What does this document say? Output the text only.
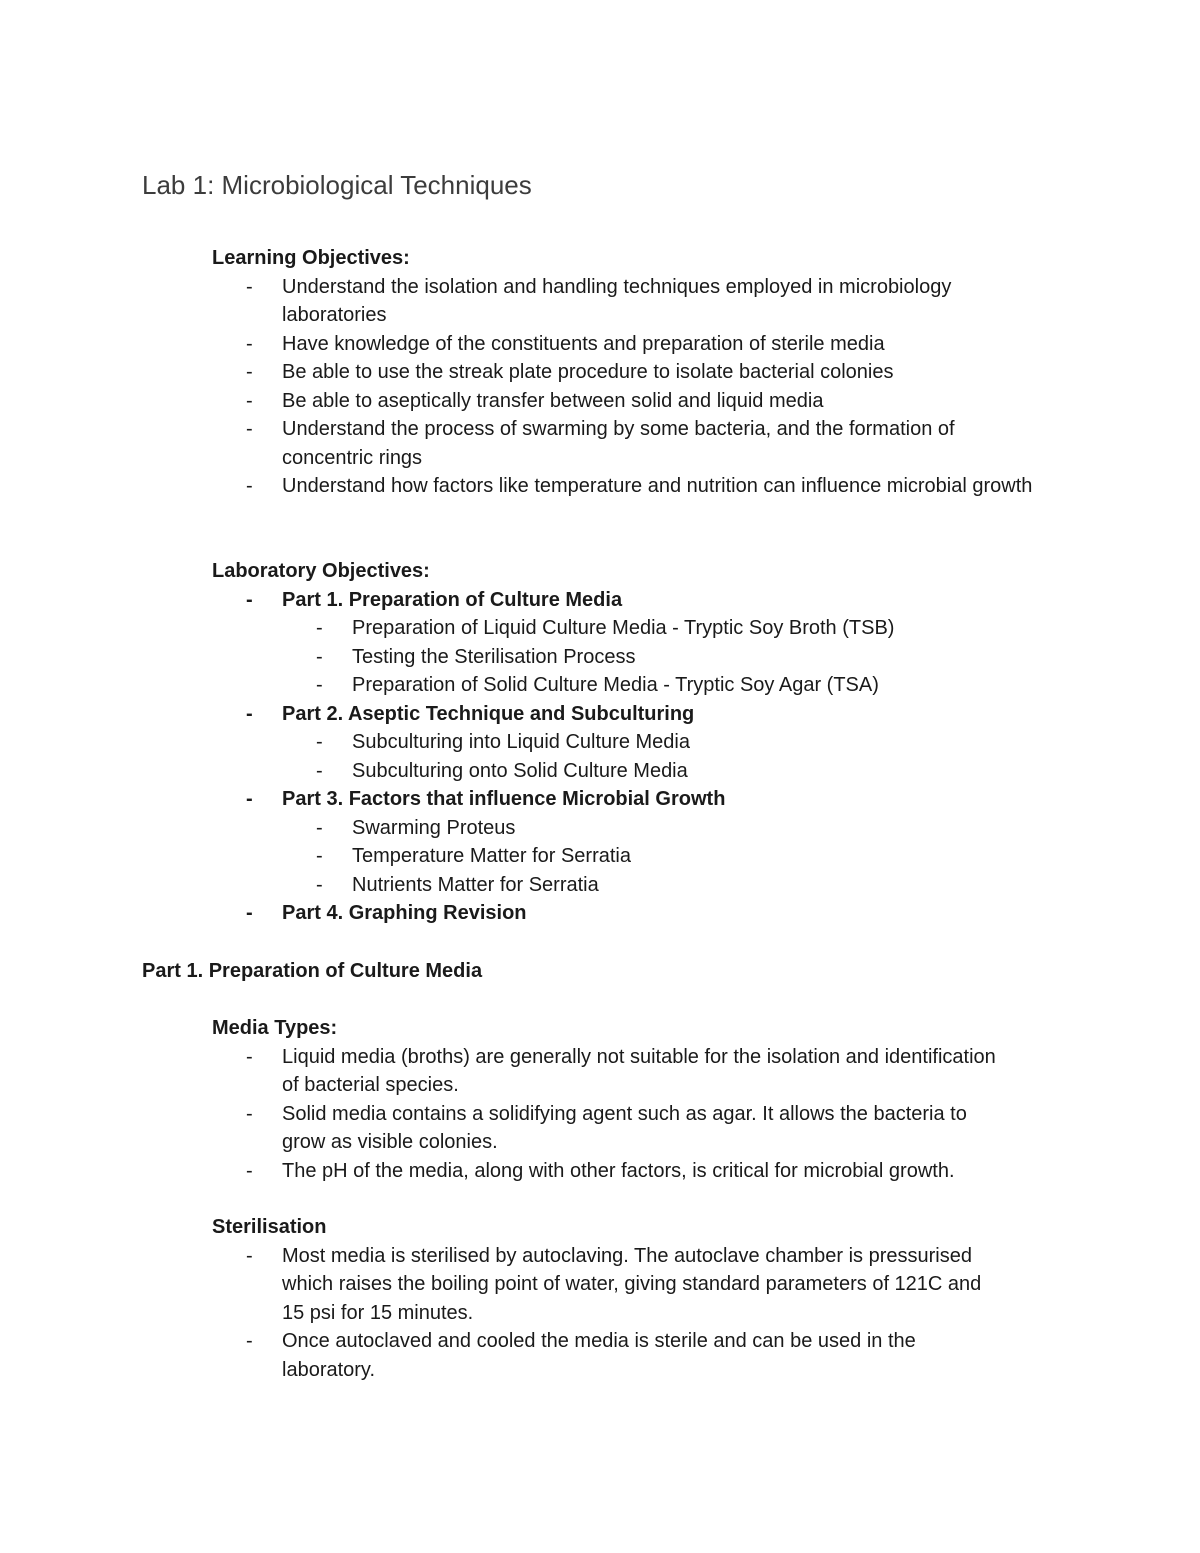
Lab 1: Microbiological Techniques
Learning Objectives:
- Understand the isolation and handling techniques employed in microbiology laboratories
- Have knowledge of the constituents and preparation of sterile media
- Be able to use the streak plate procedure to isolate bacterial colonies
- Be able to aseptically transfer between solid and liquid media
- Understand the process of swarming by some bacteria, and the formation of concentric rings
- Understand how factors like temperature and nutrition can influence microbial growth
Laboratory Objectives:
- Part 1. Preparation of Culture Media
- Preparation of Liquid Culture Media - Tryptic Soy Broth (TSB)
- Testing the Sterilisation Process
- Preparation of Solid Culture Media - Tryptic Soy Agar (TSA)
- Part 2. Aseptic Technique and Subculturing
- Subculturing into Liquid Culture Media
- Subculturing onto Solid Culture Media
- Part 3. Factors that influence Microbial Growth
- Swarming Proteus
- Temperature Matter for Serratia
- Nutrients Matter for Serratia
- Part 4. Graphing Revision
Part 1. Preparation of Culture Media
Media Types:
- Liquid media (broths) are generally not suitable for the isolation and identification
of bacterial species.
- Solid media contains a solidifying agent such as agar. It allows the bacteria to
grow as visible colonies.
- The pH of the media, along with other factors, is critical for microbial growth.
Sterilisation
- Most media is sterilised by autoclaving. The autoclave chamber is pressurised
which raises the boiling point of water, giving standard parameters of 121C and
15 psi for 15 minutes.
- Once autoclaved and cooled the media is sterile and can be used in the
laboratory.
